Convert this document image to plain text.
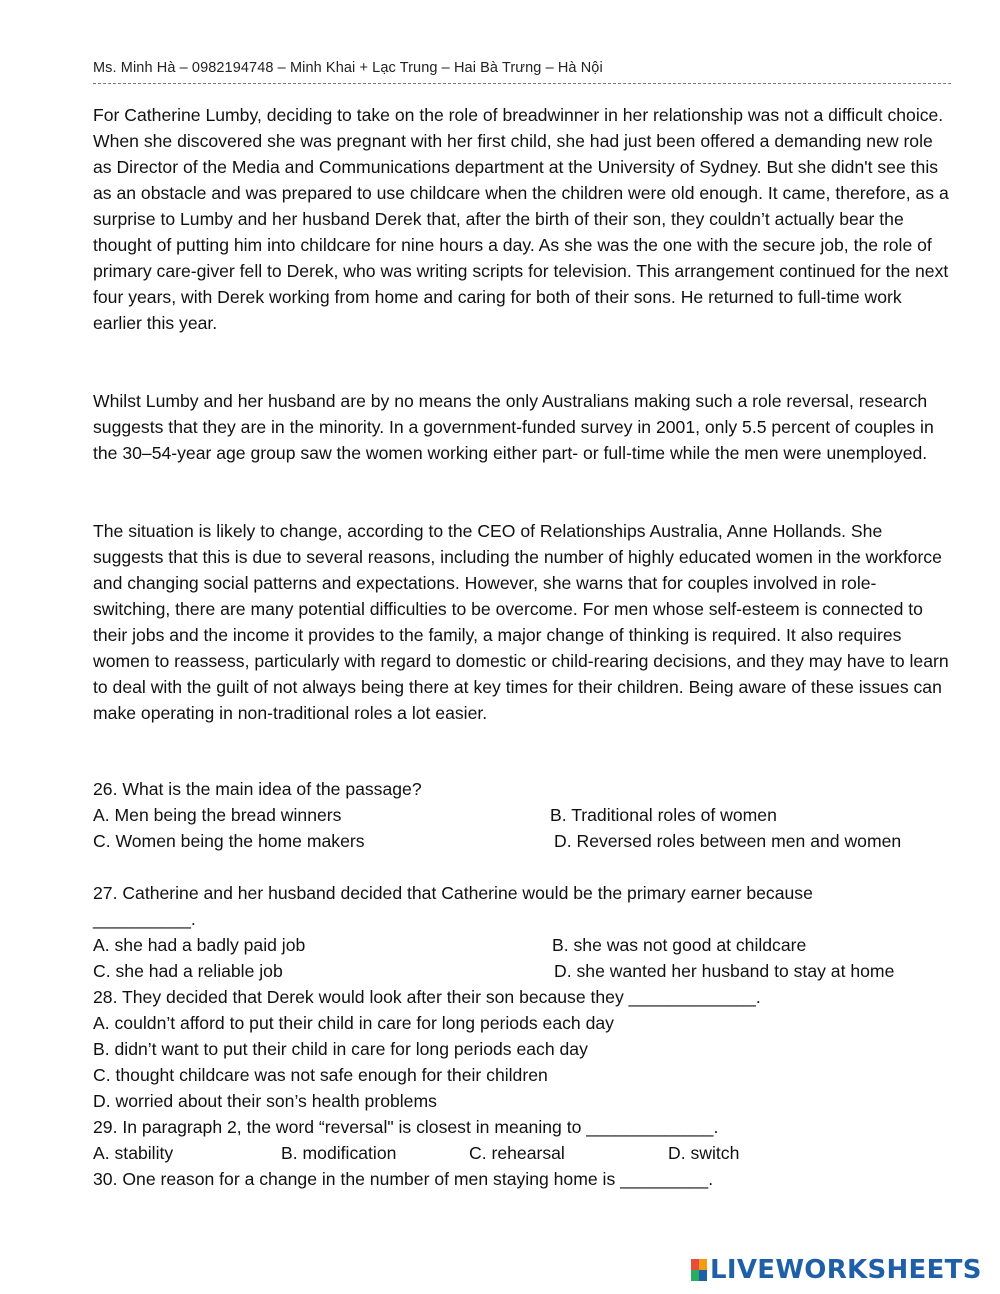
Ms. Minh Hà – 0982194748 – Minh Khai + Lạc Trung – Hai Bà Trưng – Hà Nội
For Catherine Lumby, deciding to take on the role of breadwinner in her relationship was not a difficult choice. When she discovered she was pregnant with her first child, she had just been offered a demanding new role as Director of the Media and Communications department at the University of Sydney. But she didn't see this as an obstacle and was prepared to use childcare when the children were old enough. It came, therefore, as a surprise to Lumby and her husband Derek that, after the birth of their son, they couldn’t actually bear the thought of putting him into childcare for nine hours a day. As she was the one with the secure job, the role of primary care-giver fell to Derek, who was writing scripts for television. This arrangement continued for the next four years, with Derek working from home and caring for both of their sons. He returned to full-time work earlier this year.
Whilst Lumby and her husband are by no means the only Australians making such a role reversal, research suggests that they are in the minority. In a government-funded survey in 2001, only 5.5 percent of couples in the 30–54-year age group saw the women working either part- or full-time while the men were unemployed.
The situation is likely to change, according to the CEO of Relationships Australia, Anne Hollands. She suggests that this is due to several reasons, including the number of highly educated women in the workforce and changing social patterns and expectations. However, she warns that for couples involved in role-switching, there are many potential difficulties to be overcome. For men whose self-esteem is connected to their jobs and the income it provides to the family, a major change of thinking is required. It also requires women to reassess, particularly with regard to domestic or child-rearing decisions, and they may have to learn to deal with the guilt of not always being there at key times for their children. Being aware of these issues can make operating in non-traditional roles a lot easier.
26. What is the main idea of the passage?
A. Men being the bread winners	B. Traditional roles of women
C. Women being the home makers	D. Reversed roles between men and women
27. Catherine and her husband decided that Catherine would be the primary earner because
__________.
A. she had a badly paid job	B. she was not good at childcare
C. she had a reliable job	D. she wanted her husband to stay at home
28. They decided that Derek would look after their son because they _____________.
A. couldn’t afford to put their child in care for long periods each day
B. didn’t want to put their child in care for long periods each day
C. thought childcare was not safe enough for their children
D. worried about their son’s health problems
29. In paragraph 2, the word “reversal" is closest in meaning to _____________.
A. stability	B. modification	C. rehearsal	D. switch
30. One reason for a change in the number of men staying home is _________.
LIVEWORKSHEETS
